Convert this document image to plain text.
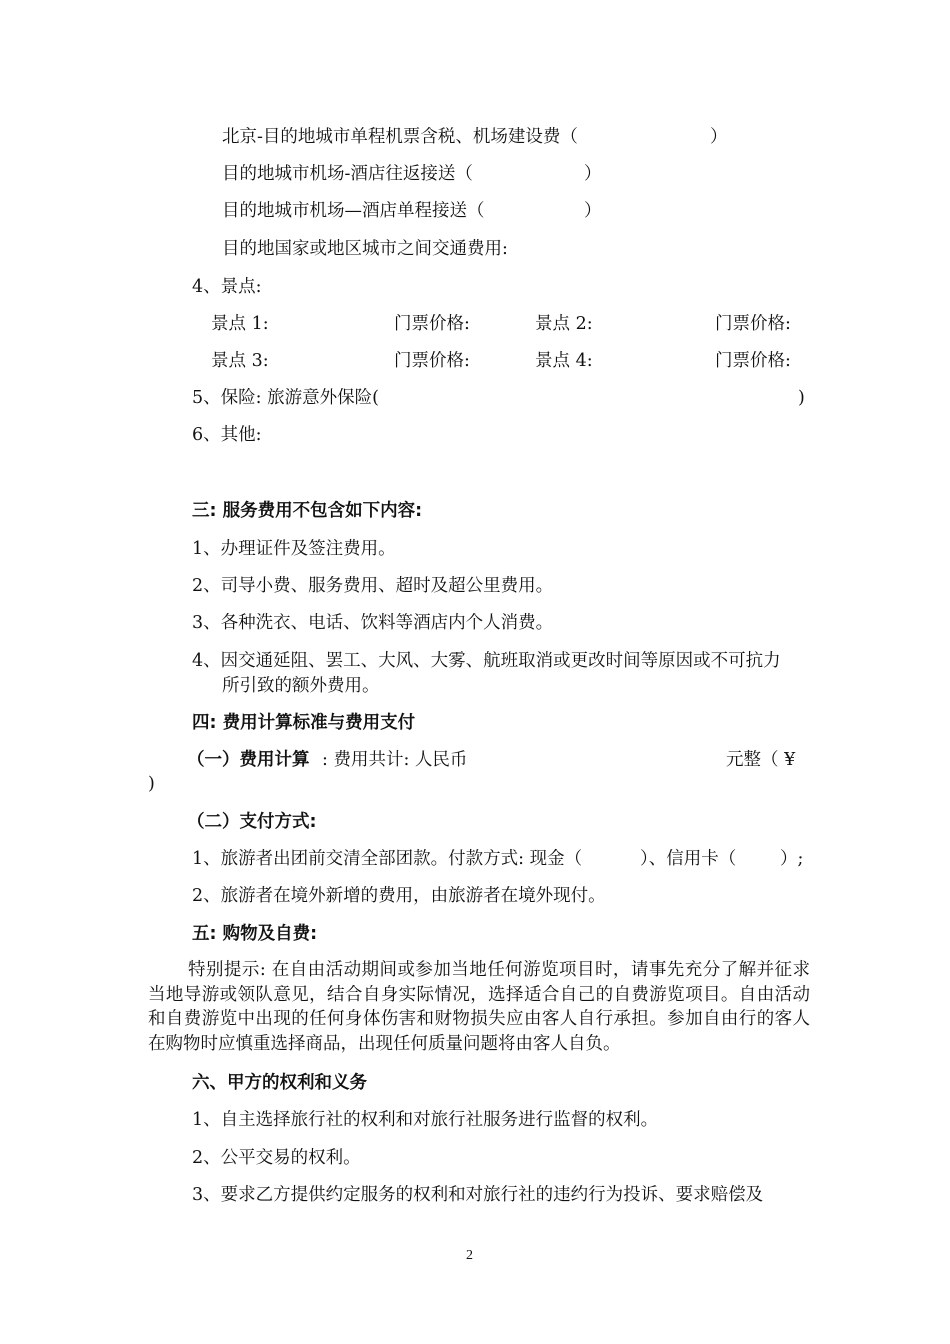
北京-目的地城市单程机票含税、机场建设费（	）
目的地城市机场-酒店往返接送（	）
目的地城市机场—酒店单程接送（	）
目的地国家或地区城市之间交通费用:
4、景点:
景点 1:	门票价格:	景点 2:	门票价格:
景点 3:	门票价格:	景点 4:	门票价格:
5、保险: 旅游意外保险(	)
6、其他:
三: 服务费用不包含如下内容:
1、办理证件及签注费用。
2、司导小费、服务费用、超时及超公里费用。
3、各种洗衣、电话、饮料等酒店内个人消费。
4、因交通延阻、罢工、大风、大雾、航班取消或更改时间等原因或不可抗力
所引致的额外费用。
四: 费用计算标准与费用支付
（一）费用计算 : 费用共计: 人民币	元整（ ¥
)
（二）支付方式:
1、旅游者出团前交清全部团款。付款方式: 现金（	）、信用卡（	）;
2、旅游者在境外新增的费用，由旅游者在境外现付。
五: 购物及自费:
特别提示: 在自由活动期间或参加当地任何游览项目时，请事先充分了解并征求当地导游或领队意见，结合自身实际情况，选择适合自己的自费游览项目。自由活动和自费游览中出现的任何身体伤害和财物损失应由客人自行承担。参加自由行的客人在购物时应慎重选择商品，出现任何质量问题将由客人自负。
六、甲方的权利和义务
1、自主选择旅行社的权利和对旅行社服务进行监督的权利。
2、公平交易的权利。
3、要求乙方提供约定服务的权利和对旅行社的违约行为投诉、要求赔偿及
2
